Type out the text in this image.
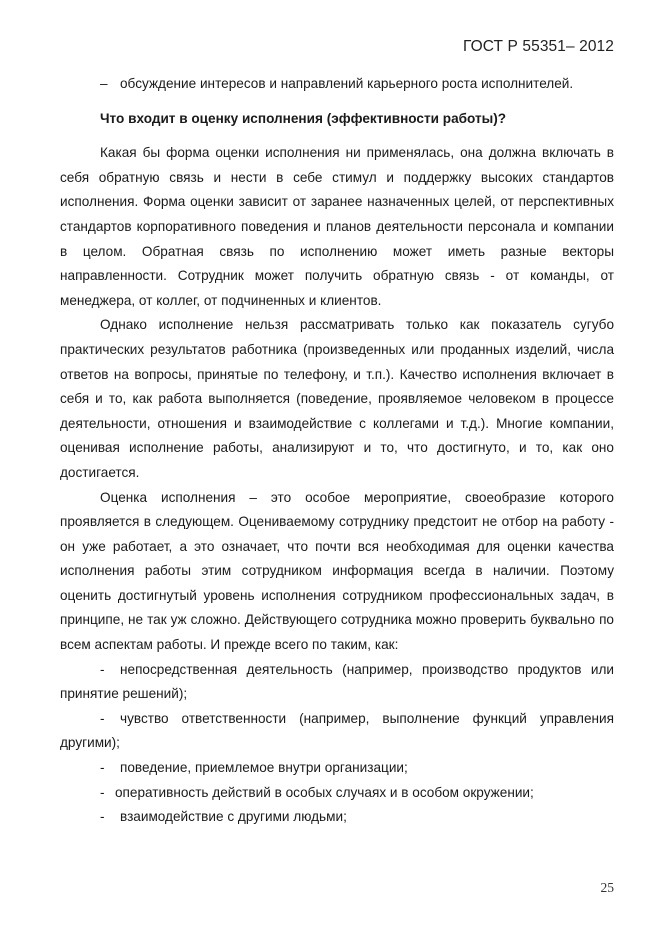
ГОСТ Р 55351– 2012

– обсуждение интересов и направлений карьерного роста исполнителей.

Что входит в оценку исполнения (эффективности работы)?

Какая бы форма оценки исполнения ни применялась, она должна включать в себя обратную связь и нести в себе стимул и поддержку высоких стандартов исполнения. Форма оценки зависит от заранее назначенных целей, от перспективных стандартов корпоративного поведения и планов деятельности персонала и компании в целом. Обратная связь по исполнению может иметь разные векторы направленности. Сотрудник может получить обратную связь - от команды, от менеджера, от коллег, от подчиненных и клиентов.

Однако исполнение нельзя рассматривать только как показатель сугубо практических результатов работника (произведенных или проданных изделий, числа ответов на вопросы, принятые по телефону, и т.п.). Качество исполнения включает в себя и то, как работа выполняется (поведение, проявляемое человеком в процессе деятельности, отношения и взаимодействие с коллегами и т.д.). Многие компании, оценивая исполнение работы, анализируют и то, что достигнуто, и то, как оно достигается.

Оценка исполнения – это особое мероприятие, своеобразие которого проявляется в следующем. Оцениваемому сотруднику предстоит не отбор на работу - он уже работает, а это означает, что почти вся необходимая для оценки качества исполнения работы этим сотрудником информация всегда в наличии. Поэтому оценить достигнутый уровень исполнения сотрудником профессиональных задач, в принципе, не так уж сложно. Действующего сотрудника можно проверить буквально по всем аспектам работы. И прежде всего по таким, как:

- непосредственная деятельность (например, производство продуктов или принятие решений);

- чувство ответственности (например, выполнение функций управления другими);

- поведение, приемлемое внутри организации;

- оперативность действий в особых случаях и в особом окружении;

- взаимодействие с другими людьми;

25
